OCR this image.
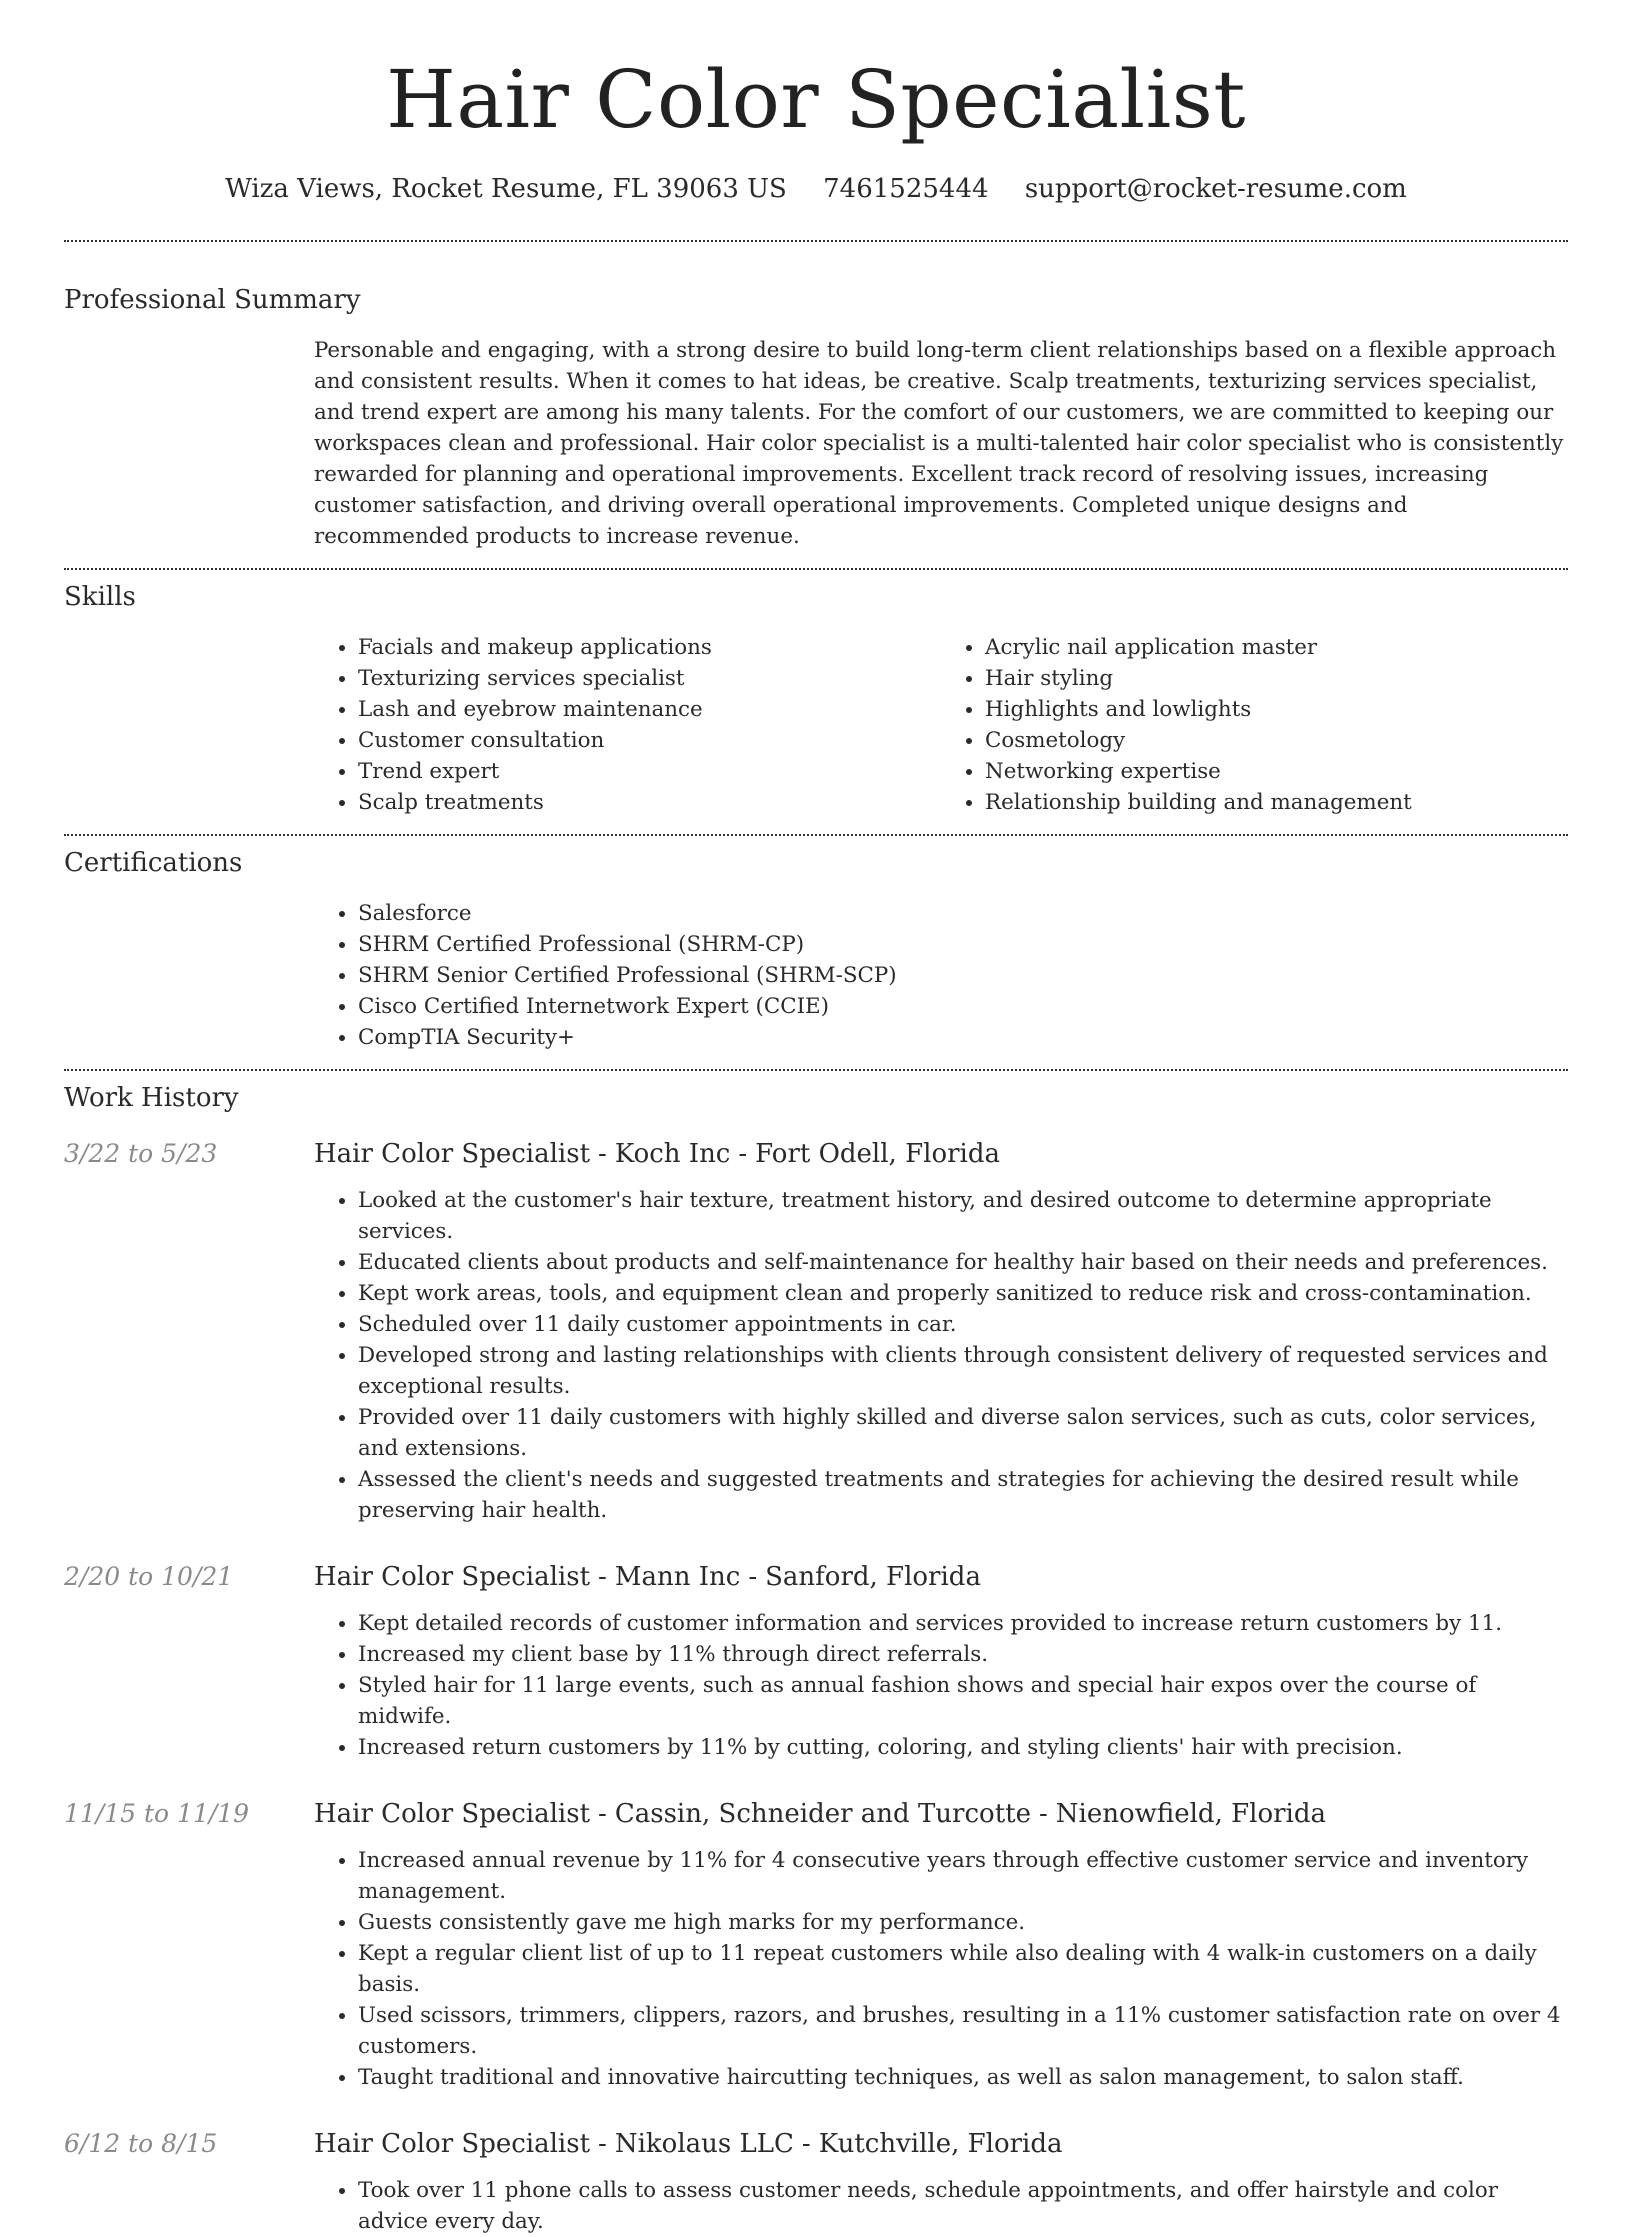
Hair Color Specialist
Wiza Views, Rocket Resume, FL 39063 US 7461525444 support@rocket-resume.com
Professional Summary

Personable and engaging, with a strong desire to build long-term client relationships based on a flexible approach and consistent results. When it comes to hat ideas, be creative. Scalp treatments, texturizing services specialist, and trend expert are among his many talents. For the comfort of our customers, we are committed to keeping our workspaces clean and professional. Hair color specialist is a multi-talented hair color specialist who is consistently rewarded for planning and operational improvements. Excellent track record of resolving issues, increasing customer satisfaction, and driving overall operational improvements. Completed unique designs and recommended products to increase revenue.

Skills
• Facials and makeup applications
• Texturizing services specialist
• Lash and eyebrow maintenance
• Customer consultation
• Trend expert
• Scalp treatments
• Acrylic nail application master
• Hair styling
• Highlights and lowlights
• Cosmetology
• Networking expertise
• Relationship building and management
Certifications
• Salesforce
• SHRM Certified Professional (SHRM-CP)
• SHRM Senior Certified Professional (SHRM-SCP)
• Cisco Certified Internetwork Expert (CCIE)
• CompTIA Security+
Work History
3/22 to 5/23	Hair Color Specialist - Koch Inc - Fort Odell, Florida
• Looked at the customer's hair texture, treatment history, and desired outcome to determine appropriate services.
• Educated clients about products and self-maintenance for healthy hair based on their needs and preferences.
• Kept work areas, tools, and equipment clean and properly sanitized to reduce risk and cross-contamination.
• Scheduled over 11 daily customer appointments in car.
• Developed strong and lasting relationships with clients through consistent delivery of requested services and exceptional results.
• Provided over 11 daily customers with highly skilled and diverse salon services, such as cuts, color services, and extensions.
• Assessed the client's needs and suggested treatments and strategies for achieving the desired result while preserving hair health.
2/20 to 10/21	Hair Color Specialist - Mann Inc - Sanford, Florida
• Kept detailed records of customer information and services provided to increase return customers by 11.
• Increased my client base by 11% through direct referrals.
• Styled hair for 11 large events, such as annual fashion shows and special hair expos over the course of midwife.
• Increased return customers by 11% by cutting, coloring, and styling clients' hair with precision.
11/15 to 11/19	Hair Color Specialist - Cassin, Schneider and Turcotte - Nienowfield, Florida
• Increased annual revenue by 11% for 4 consecutive years through effective customer service and inventory management.
• Guests consistently gave me high marks for my performance.
• Kept a regular client list of up to 11 repeat customers while also dealing with 4 walk-in customers on a daily basis.
• Used scissors, trimmers, clippers, razors, and brushes, resulting in a 11% customer satisfaction rate on over 4 customers.
• Taught traditional and innovative haircutting techniques, as well as salon management, to salon staff.
6/12 to 8/15	Hair Color Specialist - Nikolaus LLC - Kutchville, Florida
• Took over 11 phone calls to assess customer needs, schedule appointments, and offer hairstyle and color advice every day.
